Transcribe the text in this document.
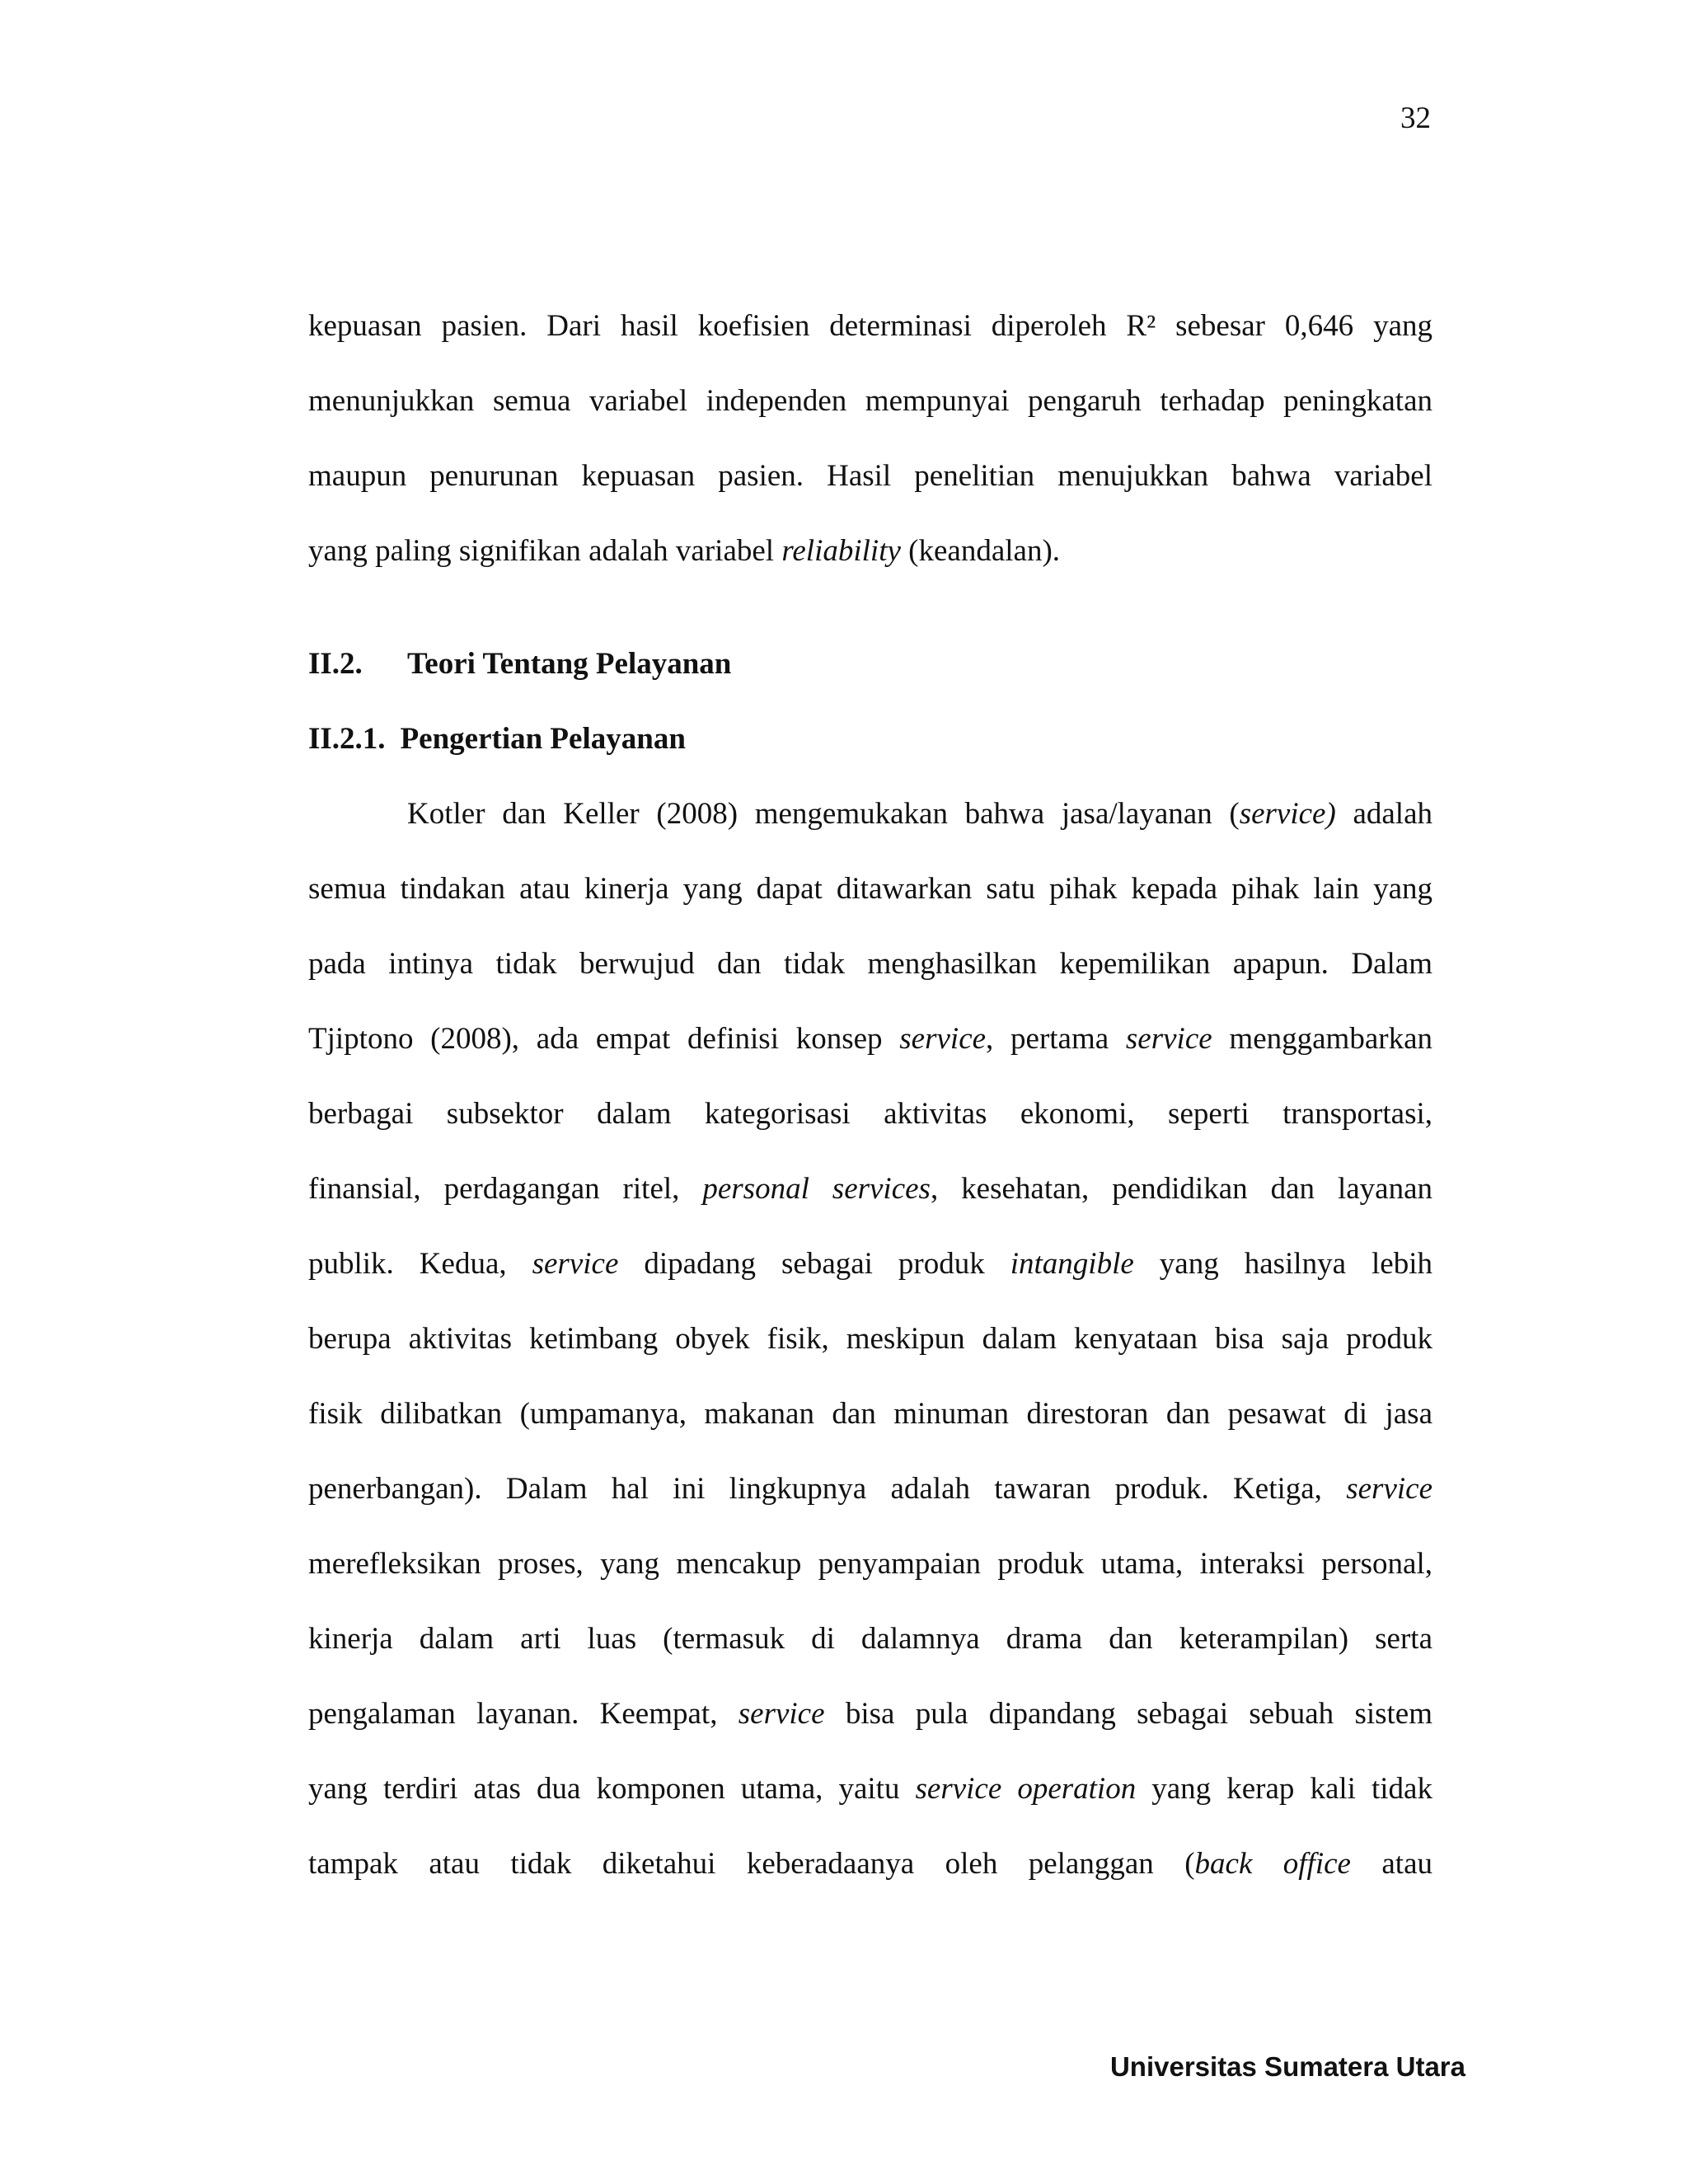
32
kepuasan pasien. Dari hasil koefisien determinasi diperoleh R² sebesar 0,646 yang
menunjukkan semua variabel independen mempunyai pengaruh terhadap peningkatan
maupun penurunan kepuasan pasien. Hasil penelitian menujukkan bahwa variabel
yang paling signifikan adalah variabel reliability (keandalan).
II.2. Teori Tentang Pelayanan
II.2.1. Pengertian Pelayanan
Kotler dan Keller (2008) mengemukakan bahwa jasa/layanan (service) adalah
semua tindakan atau kinerja yang dapat ditawarkan satu pihak kepada pihak lain yang
pada intinya tidak berwujud dan tidak menghasilkan kepemilikan apapun. Dalam
Tjiptono (2008), ada empat definisi konsep service, pertama service menggambarkan
berbagai subsektor dalam kategorisasi aktivitas ekonomi, seperti transportasi,
finansial, perdagangan ritel, personal services, kesehatan, pendidikan dan layanan
publik. Kedua, service dipadang sebagai produk intangible yang hasilnya lebih
berupa aktivitas ketimbang obyek fisik, meskipun dalam kenyataan bisa saja produk
fisik dilibatkan (umpamanya, makanan dan minuman direstoran dan pesawat di jasa
penerbangan). Dalam hal ini lingkupnya adalah tawaran produk. Ketiga, service
merefleksikan proses, yang mencakup penyampaian produk utama, interaksi personal,
kinerja dalam arti luas (termasuk di dalamnya drama dan keterampilan) serta
pengalaman layanan. Keempat, service bisa pula dipandang sebagai sebuah sistem
yang terdiri atas dua komponen utama, yaitu service operation yang kerap kali tidak
tampak atau tidak diketahui keberadaanya oleh pelanggan (back office atau
Universitas Sumatera Utara
